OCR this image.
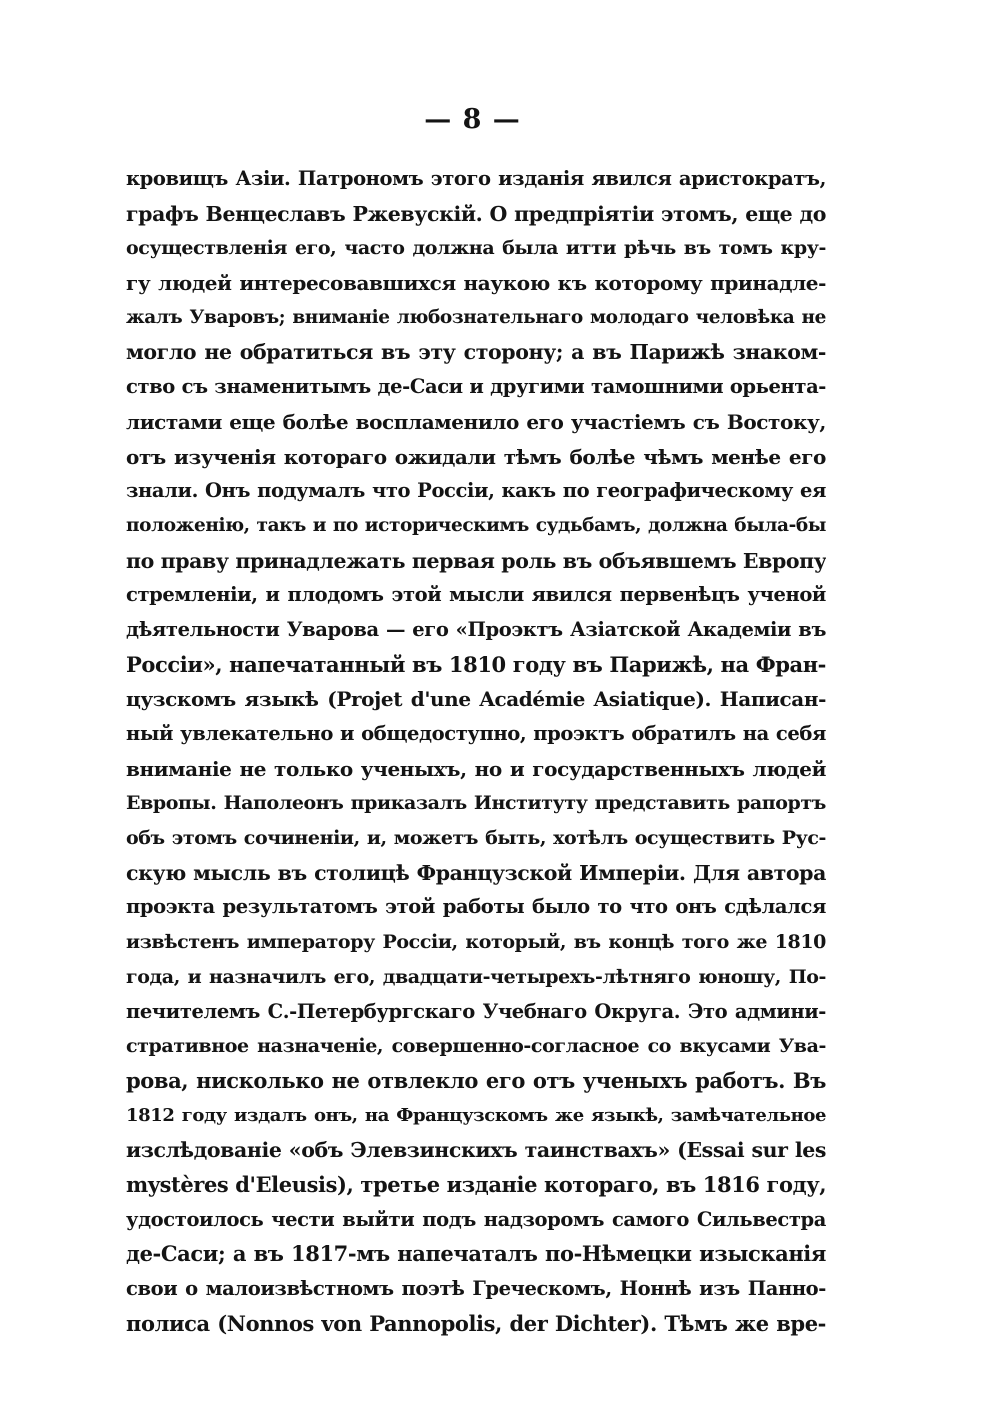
— 8 —
кровищъ Азіи. Патрономъ этого изданія явился аристократъ,
графъ Венцеславъ Ржевускій. О предпріятіи этомъ, еще до
осуществленія его, часто должна была итти рѣчь въ томъ кру-
гу людей интересовавшихся наукою къ которому принадле-
жалъ Уваровъ; вниманіе любознательнаго молодаго человѣка не
могло не обратиться въ эту сторону; а въ Парижѣ знаком-
ство съ знаменитымъ де-Саси и другими тамошними орьента-
листами еще болѣе воспламенило его участіемъ съ Востоку,
отъ изученія котораго ожидали тѣмъ болѣе чѣмъ менѣе его
знали. Онъ подумалъ что Россіи, какъ по географическому ея
положенію, такъ и по историческимъ судьбамъ, должна была-бы
по праву принадлежать первая роль въ объявшемъ Европу
стремленіи, и плодомъ этой мысли явился первенѣцъ ученой
дѣятельности Уварова — его «Проэктъ Азіатской Академіи въ
Россіи», напечатанный въ 1810 году въ Парижѣ, на Фран-
цузскомъ языкѣ (Projet d'une Académie Asiatique). Написан-
ный увлекательно и общедоступно, проэктъ обратилъ на себя
вниманіе не только ученыхъ, но и государственныхъ людей
Европы. Наполеонъ приказалъ Институту представить рапортъ
объ этомъ сочиненіи, и, можетъ быть, хотѣлъ осуществить Рус-
скую мысль въ столицѣ Французской Имперіи. Для автора
проэкта результатомъ этой работы было то что онъ сдѣлался
извѣстенъ императору Россіи, который, въ концѣ того же 1810
года, и назначилъ его, двадцати-четырехъ-лѣтняго юношу, По-
печителемъ С.-Петербургскаго Учебнаго Округа. Это админи-
стративное назначеніе, совершенно-согласное со вкусами Ува-
рова, нисколько не отвлекло его отъ ученыхъ работъ. Въ
1812 году издалъ онъ, на Французскомъ же языкѣ, замѣчательное
изслѣдованіе «объ Элевзинскихъ таинствахъ» (Essai sur les
mystères d'Eleusis), третье изданіе котораго, въ 1816 году,
удостоилось чести выйти подъ надзоромъ самого Сильвестра
де-Саси; а въ 1817-мъ напечаталъ по-Нѣмецки изысканія
свои о малоизвѣстномъ поэтѣ Греческомъ, Ноннѣ изъ Панно-
полиса (Nonnos von Pannopolis, der Dichter). Тѣмъ же вре-
